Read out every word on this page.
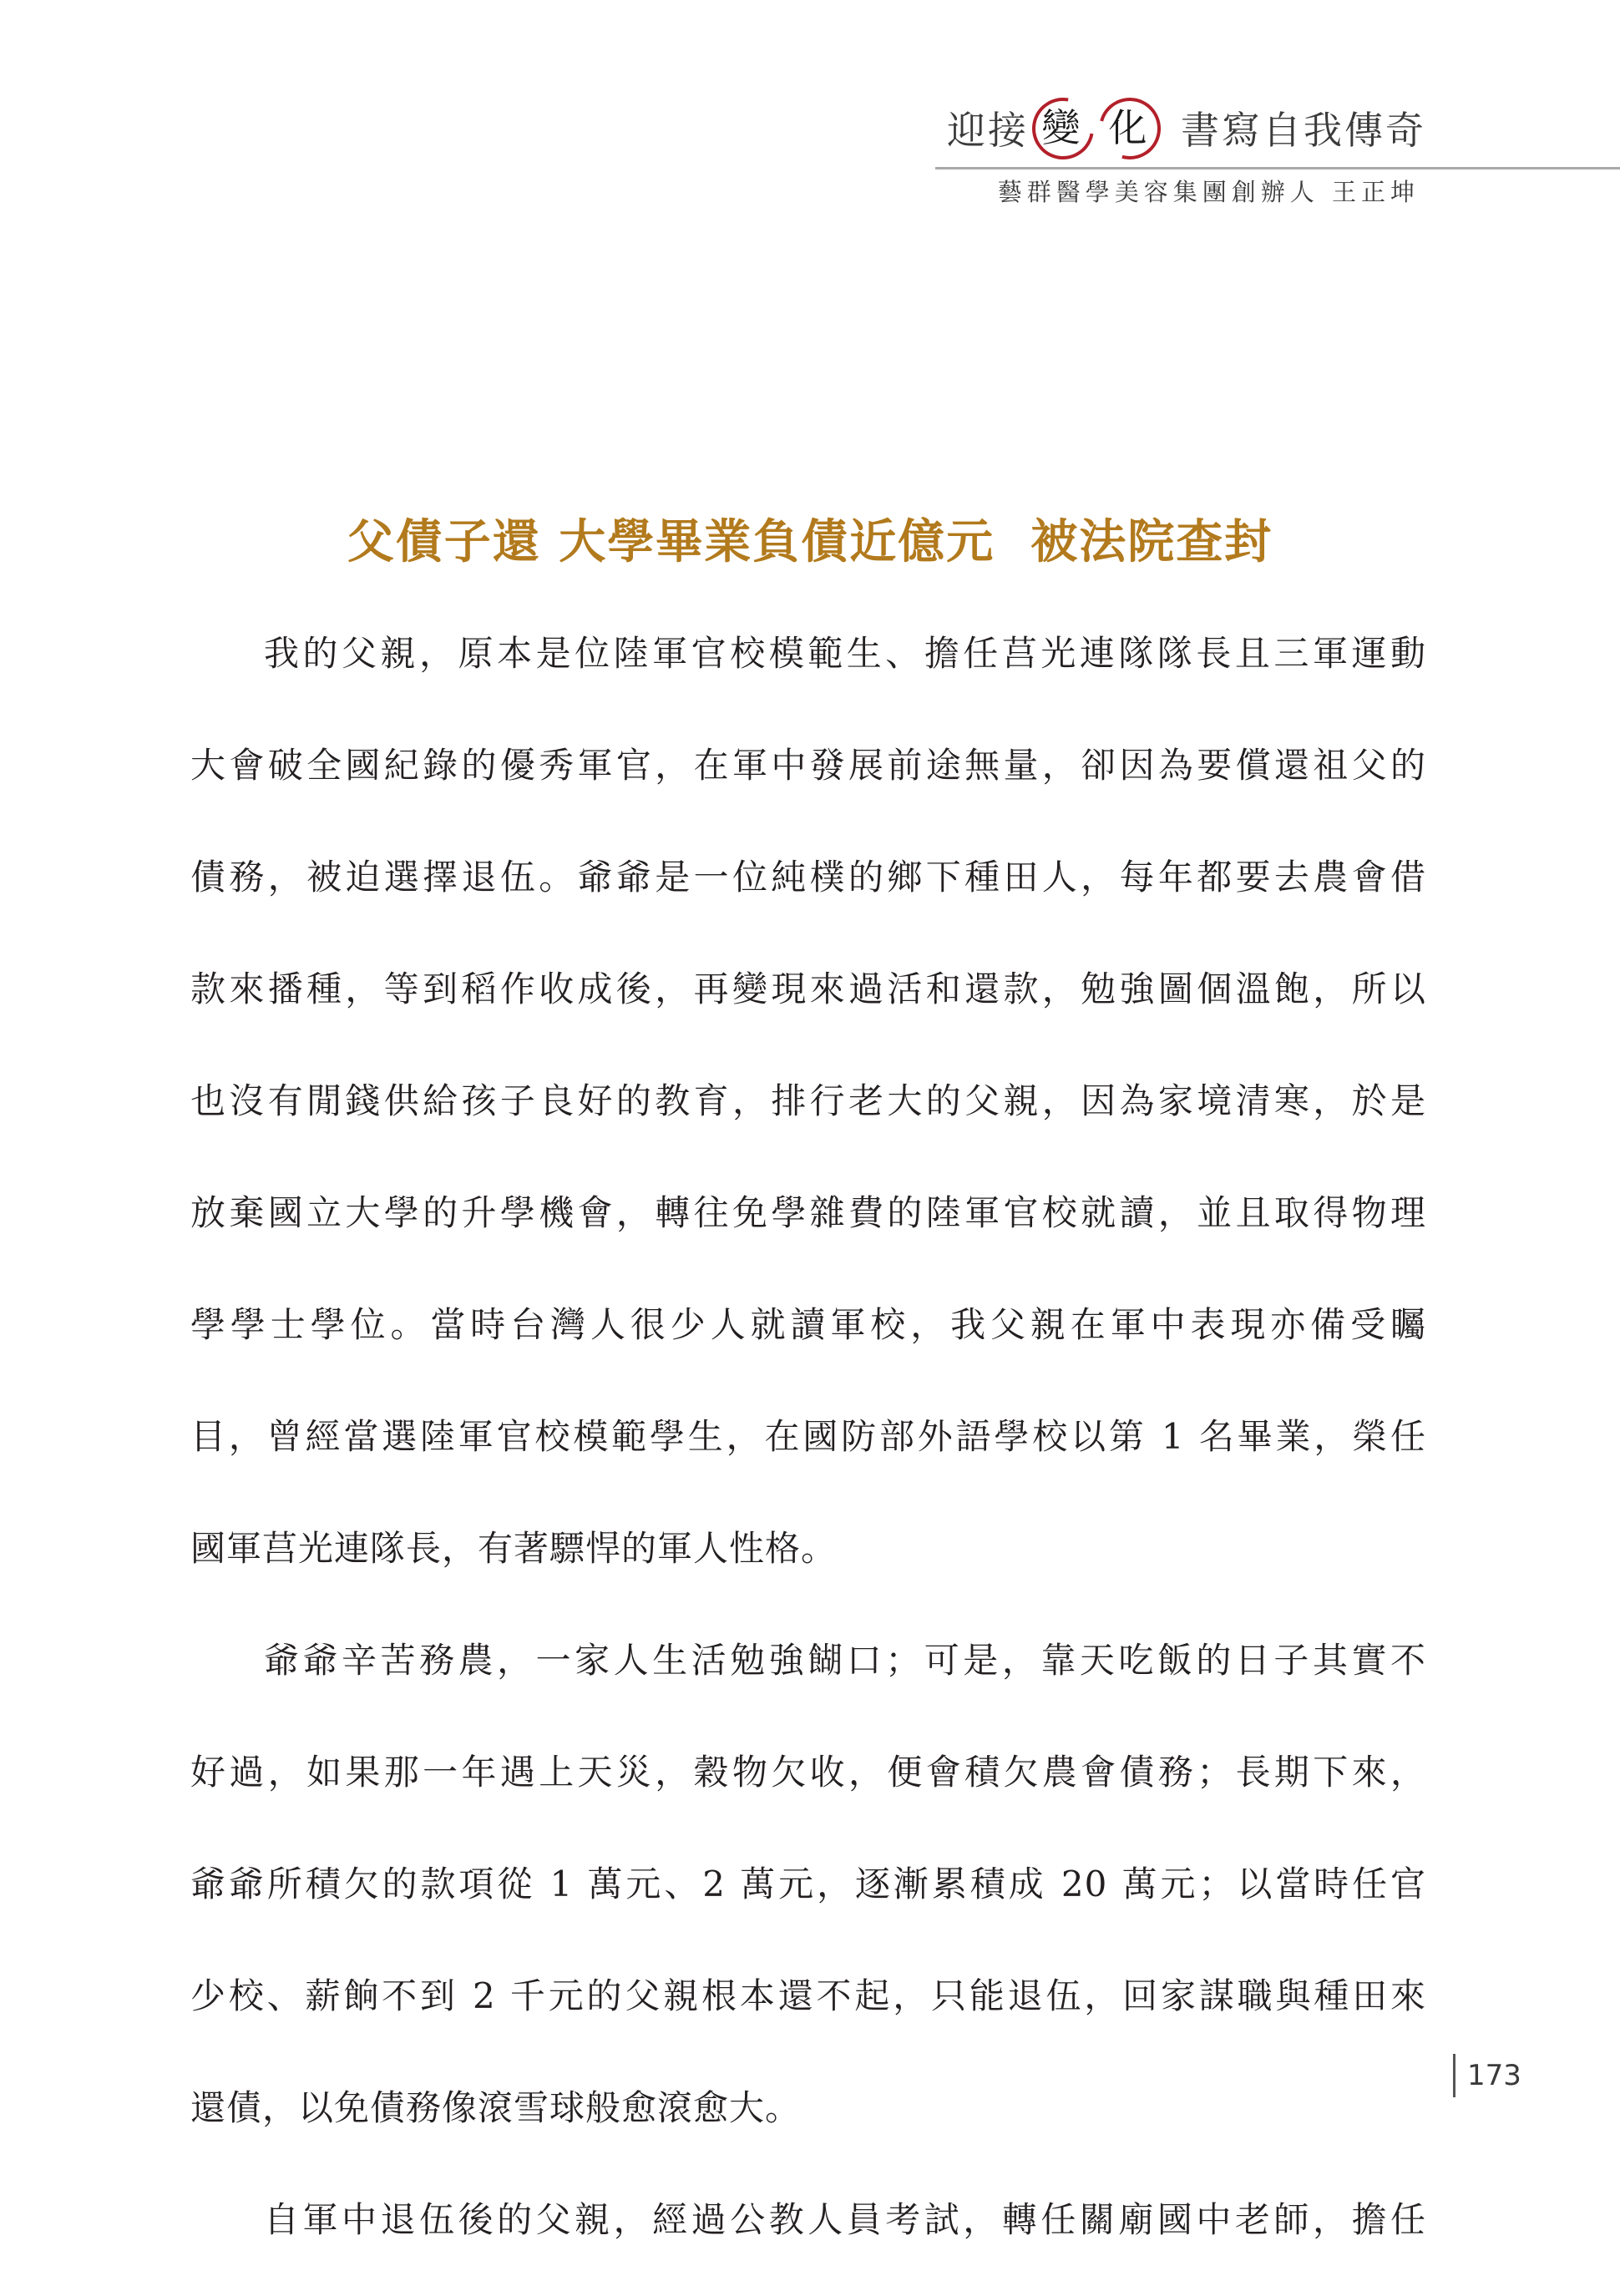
迎接 變 化 書寫自我傳奇
藝群醫學美容集團創辦人 王正坤
父債子還 大學畢業負債近億元  被法院查封

我的父親，原本是位陸軍官校模範生、擔任莒光連隊隊長且三軍運動

大會破全國紀錄的優秀軍官，在軍中發展前途無量，卻因為要償還祖父的

債務，被迫選擇退伍。爺爺是一位純樸的鄉下種田人，每年都要去農會借

款來播種，等到稻作收成後，再變現來過活和還款，勉強圖個溫飽，所以

也沒有閒錢供給孩子良好的教育，排行老大的父親，因為家境清寒，於是

放棄國立大學的升學機會，轉往免學雜費的陸軍官校就讀，並且取得物理

學學士學位。當時台灣人很少人就讀軍校，我父親在軍中表現亦備受矚

目，曾經當選陸軍官校模範學生，在國防部外語學校以第 1 名畢業，榮任

國軍莒光連隊長，有著驃悍的軍人性格。

爺爺辛苦務農，一家人生活勉強餬口；可是，靠天吃飯的日子其實不

好過，如果那一年遇上天災，穀物欠收，便會積欠農會債務；長期下來，

爺爺所積欠的款項從 1 萬元、2 萬元，逐漸累積成 20 萬元；以當時任官

少校、薪餉不到 2 千元的父親根本還不起，只能退伍，回家謀職與種田來

還債，以免債務像滾雪球般愈滾愈大。

自軍中退伍後的父親，經過公教人員考試，轉任關廟國中老師，擔任

173
